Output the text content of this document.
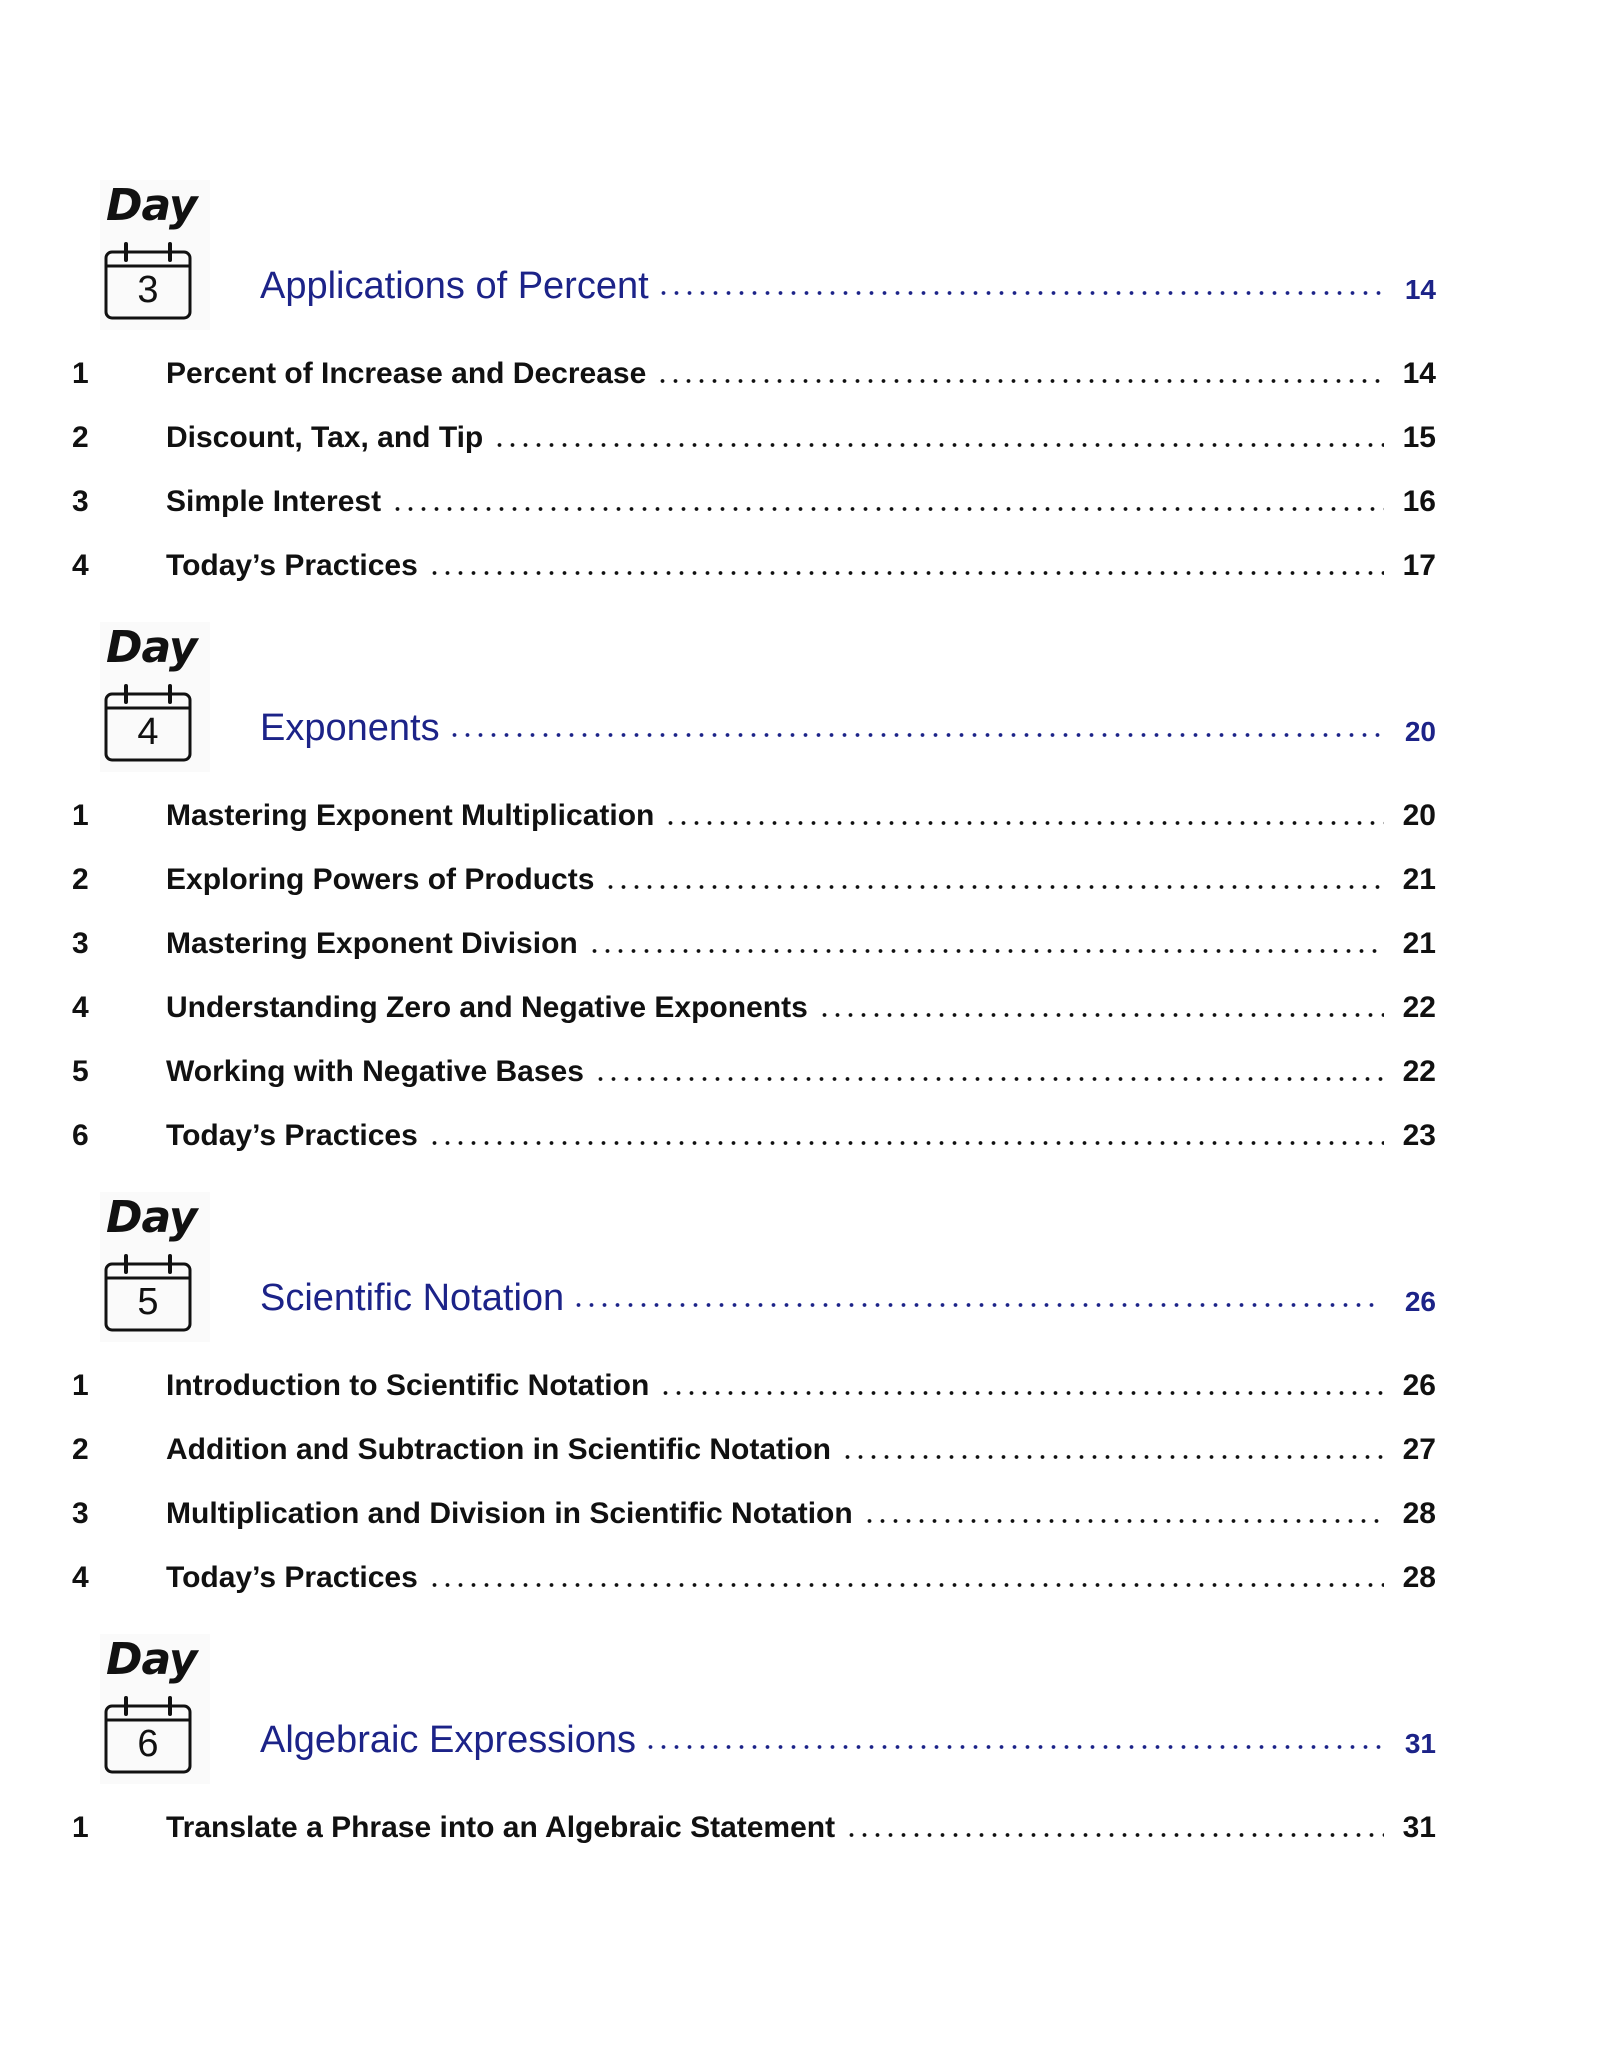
Day
3	Applications of Percent	14
1	Percent of Increase and Decrease	14
2	Discount, Tax, and Tip	15
3	Simple Interest	16
4	Today’s Practices	17
Day
4	Exponents	20
1	Mastering Exponent Multiplication	20
2	Exploring Powers of Products	21
3	Mastering Exponent Division	21
4	Understanding Zero and Negative Exponents	22
5	Working with Negative Bases	22
6	Today’s Practices	23
Day
5	Scientific Notation	26
1	Introduction to Scientific Notation	26
2	Addition and Subtraction in Scientific Notation	27
3	Multiplication and Division in Scientific Notation	28
4	Today’s Practices	28
Day
6	Algebraic Expressions	31
1	Translate a Phrase into an Algebraic Statement	31
